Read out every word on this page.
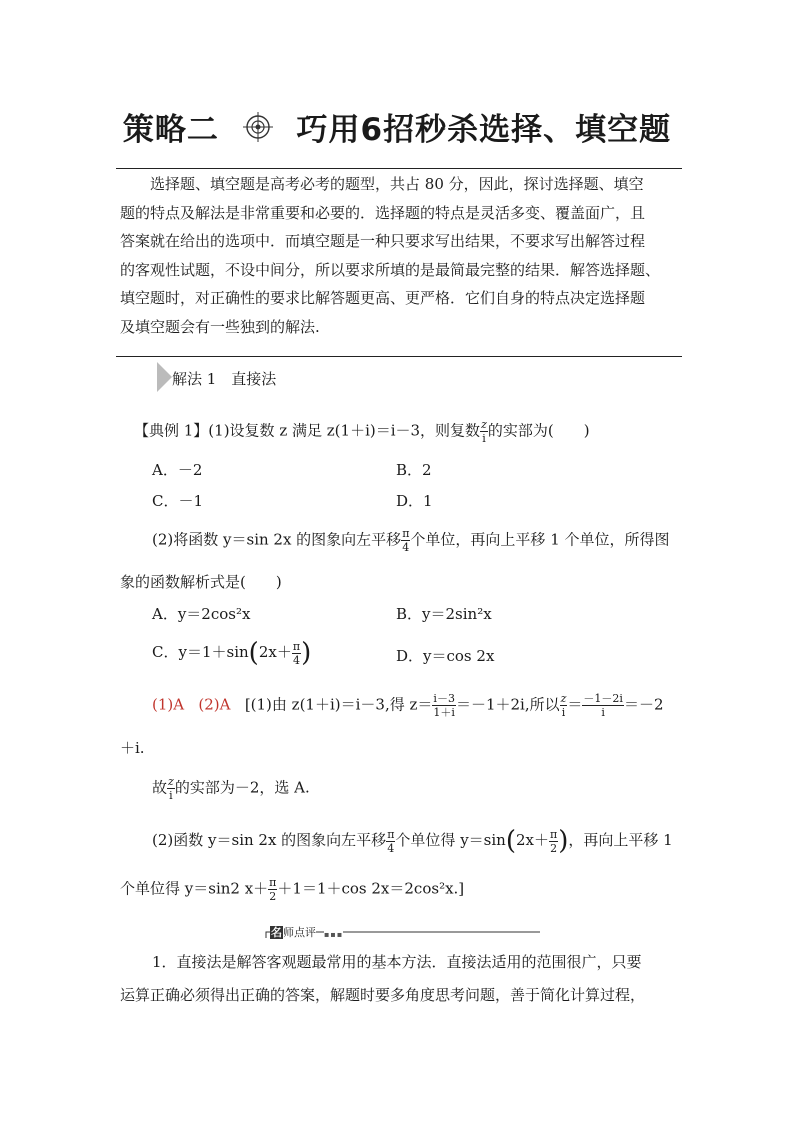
策略二	巧用6招秒杀选择、填空题

选择题、填空题是高考必考的题型，共占 80 分，因此，探讨选择题、填空

题的特点及解法是非常重要和必要的．选择题的特点是灵活多变、覆盖面广，且
答案就在给出的选项中．而填空题是一种只要求写出结果，不要求写出解答过程
的客观性试题，不设中间分，所以要求所填的是最简最完整的结果．解答选择题、
填空题时，对正确性的要求比解答题更高、更严格．它们自身的特点决定选择题
及填空题会有一些独到的解法.
解法 1　直接法
【典例 1】(1)设复数 z 满足 z(1＋i)＝i－3，则复数 $\frac{z}{i}$ 的实部为(　　)
A．－2	B．2
C．－1	D．1
(2)将函数 y＝sin 2x 的图象向左平移 $\frac{\pi}{4}$ 个单位，再向上平移 1 个单位，所得图
象的函数解析式是(　　)
A．y＝2cos²x	B．y＝2sin²x
C．$y=1+\sin(2x+ \frac{\pi}{4}$ )	D．y＝cos 2x
(1)A (2)A [(1)由 z(1＋i)＝i－3,得 $z= \frac{i-3}{1+i} =-1+2i$,所以 $\frac{z}{i} = \frac{-1-2i}{i} =-2$
＋i.
故 $\frac{z}{i}$ 的实部为－2，选 A.
(2)函数 y＝sin 2x 的图象向左平移 $\frac{\pi}{4}$ 个单位得 $y=\sin(2x+ \frac{\pi}{2}$ )，再向上平移 1
个单位得 y＝sin2 $x+ \frac{\pi}{2} +1=1+\cos$ 2x＝2cos²x.]
名师点评 ▪▪▪
1．直接法是解答客观题最常用的基本方法．直接法适用的范围很广，只要
运算正确必须得出正确的答案，解题时要多角度思考问题，善于简化计算过程，
